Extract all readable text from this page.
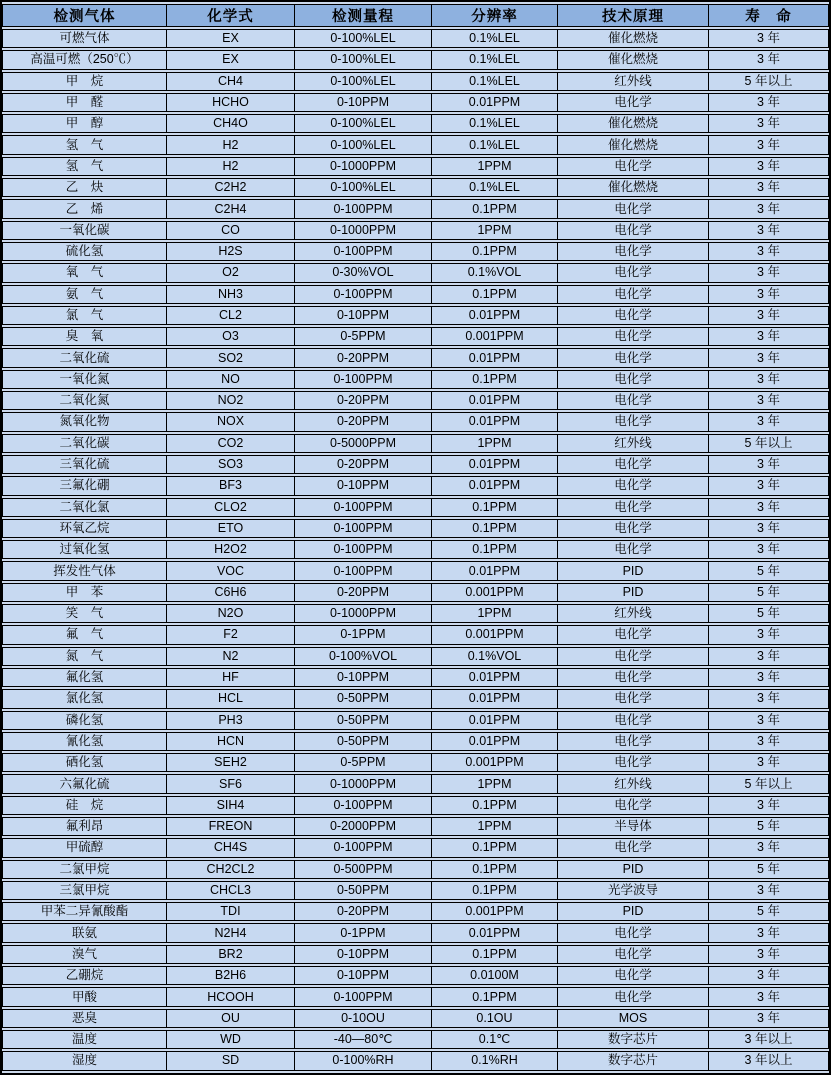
检测气体	化学式	检测量程	分辨率	技术原理	寿　命
可燃气体	EX	0-100%LEL	0.1%LEL	催化燃烧	3 年
高温可燃（250℃）	EX	0-100%LEL	0.1%LEL	催化燃烧	3 年
甲　烷	CH4	0-100%LEL	0.1%LEL	红外线	5 年以上
甲　醛	HCHO	0-10PPM	0.01PPM	电化学	3 年
甲　醇	CH4O	0-100%LEL	0.1%LEL	催化燃烧	3 年
氢　气	H2	0-100%LEL	0.1%LEL	催化燃烧	3 年
氢　气	H2	0-1000PPM	1PPM	电化学	3 年
乙　炔	C2H2	0-100%LEL	0.1%LEL	催化燃烧	3 年
乙　烯	C2H4	0-100PPM	0.1PPM	电化学	3 年
一氧化碳	CO	0-1000PPM	1PPM	电化学	3 年
硫化氢	H2S	0-100PPM	0.1PPM	电化学	3 年
氧　气	O2	0-30%VOL	0.1%VOL	电化学	3 年
氨　气	NH3	0-100PPM	0.1PPM	电化学	3 年
氯　气	CL2	0-10PPM	0.01PPM	电化学	3 年
臭　氧	O3	0-5PPM	0.001PPM	电化学	3 年
二氧化硫	SO2	0-20PPM	0.01PPM	电化学	3 年
一氧化氮	NO	0-100PPM	0.1PPM	电化学	3 年
二氧化氮	NO2	0-20PPM	0.01PPM	电化学	3 年
氮氧化物	NOX	0-20PPM	0.01PPM	电化学	3 年
二氧化碳	CO2	0-5000PPM	1PPM	红外线	5 年以上
三氧化硫	SO3	0-20PPM	0.01PPM	电化学	3 年
三氟化硼	BF3	0-10PPM	0.01PPM	电化学	3 年
二氧化氯	CLO2	0-100PPM	0.1PPM	电化学	3 年
环氧乙烷	ETO	0-100PPM	0.1PPM	电化学	3 年
过氧化氢	H2O2	0-100PPM	0.1PPM	电化学	3 年
挥发性气体	VOC	0-100PPM	0.01PPM	PID	5 年
甲　苯	C6H6	0-20PPM	0.001PPM	PID	5 年
笑　气	N2O	0-1000PPM	1PPM	红外线	5 年
氟　气	F2	0-1PPM	0.001PPM	电化学	3 年
氮　气	N2	0-100%VOL	0.1%VOL	电化学	3 年
氟化氢	HF	0-10PPM	0.01PPM	电化学	3 年
氯化氢	HCL	0-50PPM	0.01PPM	电化学	3 年
磷化氢	PH3	0-50PPM	0.01PPM	电化学	3 年
氰化氢	HCN	0-50PPM	0.01PPM	电化学	3 年
硒化氢	SEH2	0-5PPM	0.001PPM	电化学	3 年
六氟化硫	SF6	0-1000PPM	1PPM	红外线	5 年以上
硅　烷	SIH4	0-100PPM	0.1PPM	电化学	3 年
氟利昂	FREON	0-2000PPM	1PPM	半导体	5 年
甲硫醇	CH4S	0-100PPM	0.1PPM	电化学	3 年
二氯甲烷	CH2CL2	0-500PPM	0.1PPM	PID	5 年
三氯甲烷	CHCL3	0-50PPM	0.1PPM	光学波导	3 年
甲苯二异氰酸酯	TDI	0-20PPM	0.001PPM	PID	5 年
联氨	N2H4	0-1PPM	0.01PPM	电化学	3 年
溴气	BR2	0-10PPM	0.1PPM	电化学	3 年
乙硼烷	B2H6	0-10PPM	0.0100M	电化学	3 年
甲酸	HCOOH	0-100PPM	0.1PPM	电化学	3 年
恶臭	OU	0-10OU	0.1OU	MOS	3 年
温度	WD	-40—80℃	0.1℃	数字芯片	3 年以上
湿度	SD	0-100%RH	0.1%RH	数字芯片	3 年以上
